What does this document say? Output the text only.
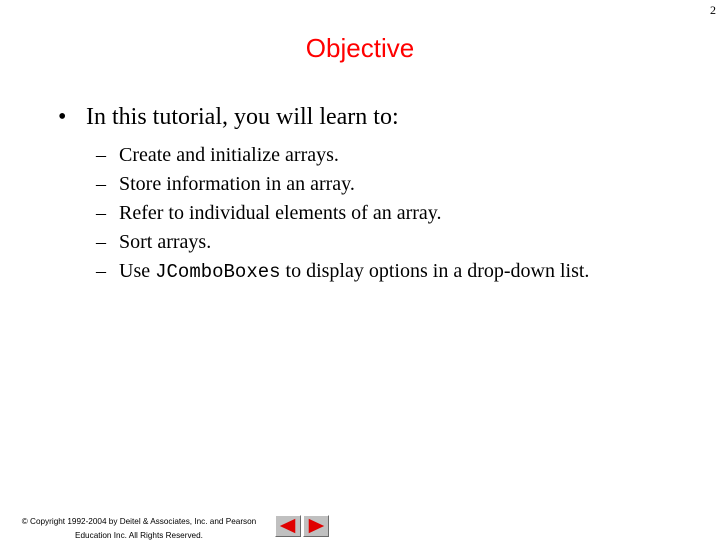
2
Objective
• In this tutorial, you will learn to:
– Create and initialize arrays.
– Store information in an array.
– Refer to individual elements of an array.
– Sort arrays.
– Use JComboBoxes to display options in a drop-down list.
© Copyright 1992-2004 by Deitel & Associates, Inc. and Pearson
Education Inc. All Rights Reserved.
